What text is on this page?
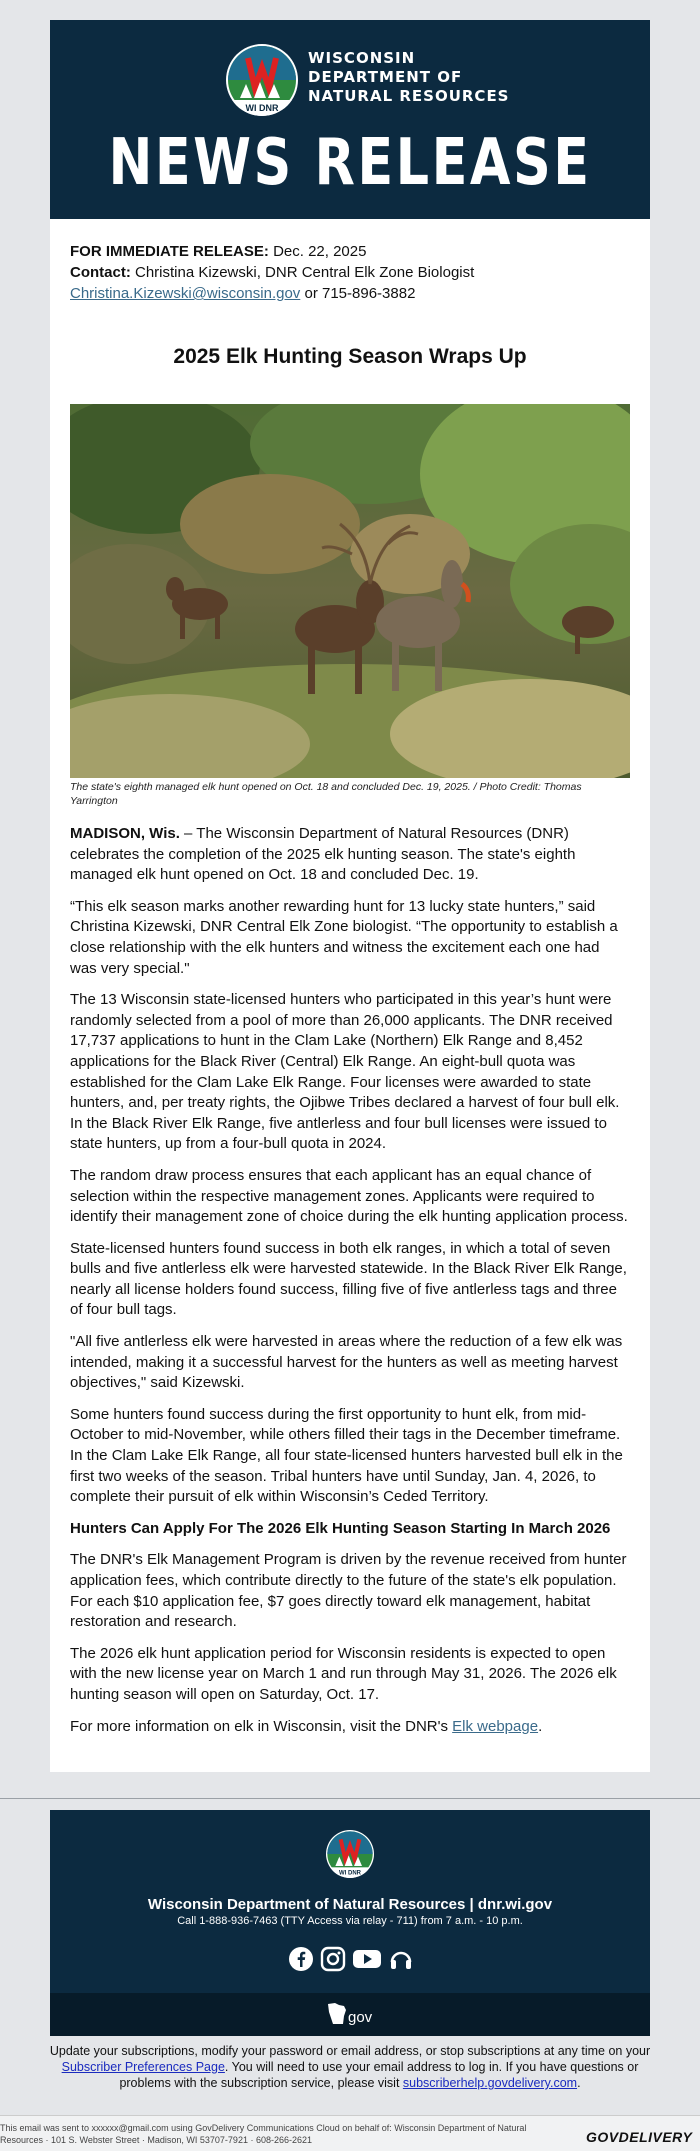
WI DNR
WISCONSIN
DEPARTMENT OF
NATURAL RESOURCES
NEWS RELEASE
FOR IMMEDIATE RELEASE: Dec. 22, 2025
Contact: Christina Kizewski, DNR Central Elk Zone Biologist
Christina.Kizewski@wisconsin.gov or 715-896-3882
2025 Elk Hunting Season Wraps Up
The state's eighth managed elk hunt opened on Oct. 18 and concluded Dec. 19, 2025. / Photo Credit: Thomas Yarrington

MADISON, Wis. – The Wisconsin Department of Natural Resources (DNR) celebrates the completion of the 2025 elk hunting season. The state's eighth managed elk hunt opened on Oct. 18 and concluded Dec. 19.

“This elk season marks another rewarding hunt for 13 lucky state hunters,” said Christina Kizewski, DNR Central Elk Zone biologist. “The opportunity to establish a close relationship with the elk hunters and witness the excitement each one had was very special."

The 13 Wisconsin state-licensed hunters who participated in this year’s hunt were randomly selected from a pool of more than 26,000 applicants. The DNR received 17,737 applications to hunt in the Clam Lake (Northern) Elk Range and 8,452 applications for the Black River (Central) Elk Range. An eight-bull quota was established for the Clam Lake Elk Range. Four licenses were awarded to state hunters, and, per treaty rights, the Ojibwe Tribes declared a harvest of four bull elk. In the Black River Elk Range, five antlerless and four bull licenses were issued to state hunters, up from a four-bull quota in 2024.

The random draw process ensures that each applicant has an equal chance of selection within the respective management zones. Applicants were required to identify their management zone of choice during the elk hunting application process.

State-licensed hunters found success in both elk ranges, in which a total of seven bulls and five antlerless elk were harvested statewide. In the Black River Elk Range, nearly all license holders found success, filling five of five antlerless tags and three of four bull tags.

"All five antlerless elk were harvested in areas where the reduction of a few elk was intended, making it a successful harvest for the hunters as well as meeting harvest objectives," said Kizewski.

Some hunters found success during the first opportunity to hunt elk, from mid-October to mid-November, while others filled their tags in the December timeframe. In the Clam Lake Elk Range, all four state-licensed hunters harvested bull elk in the first two weeks of the season. Tribal hunters have until Sunday, Jan. 4, 2026, to complete their pursuit of elk within Wisconsin’s Ceded Territory.

Hunters Can Apply For The 2026 Elk Hunting Season Starting In March 2026

The DNR's Elk Management Program is driven by the revenue received from hunter application fees, which contribute directly to the future of the state's elk population. For each $10 application fee, $7 goes directly toward elk management, habitat restoration and research.

The 2026 elk hunt application period for Wisconsin residents is expected to open with the new license year on March 1 and run through May 31, 2026. The 2026 elk hunting season will open on Saturday, Oct. 17.

For more information on elk in Wisconsin, visit the DNR's Elk webpage.

WI DNR
Wisconsin Department of Natural Resources | dnr.wi.gov
Call 1-888-936-7463 (TTY Access via relay - 711) from 7 a.m. - 10 p.m.
gov
Update your subscriptions, modify your password or email address, or stop subscriptions at any time on your Subscriber Preferences Page. You will need to use your email address to log in. If you have questions or problems with the subscription service, please visit subscriberhelp.govdelivery.com.
This email was sent to xxxxxx@gmail.com using GovDelivery Communications Cloud on behalf of: Wisconsin Department of Natural
Resources · 101 S. Webster Street · Madison, WI 53707-7921 · 608-266-2621	GOVDELIVERY
